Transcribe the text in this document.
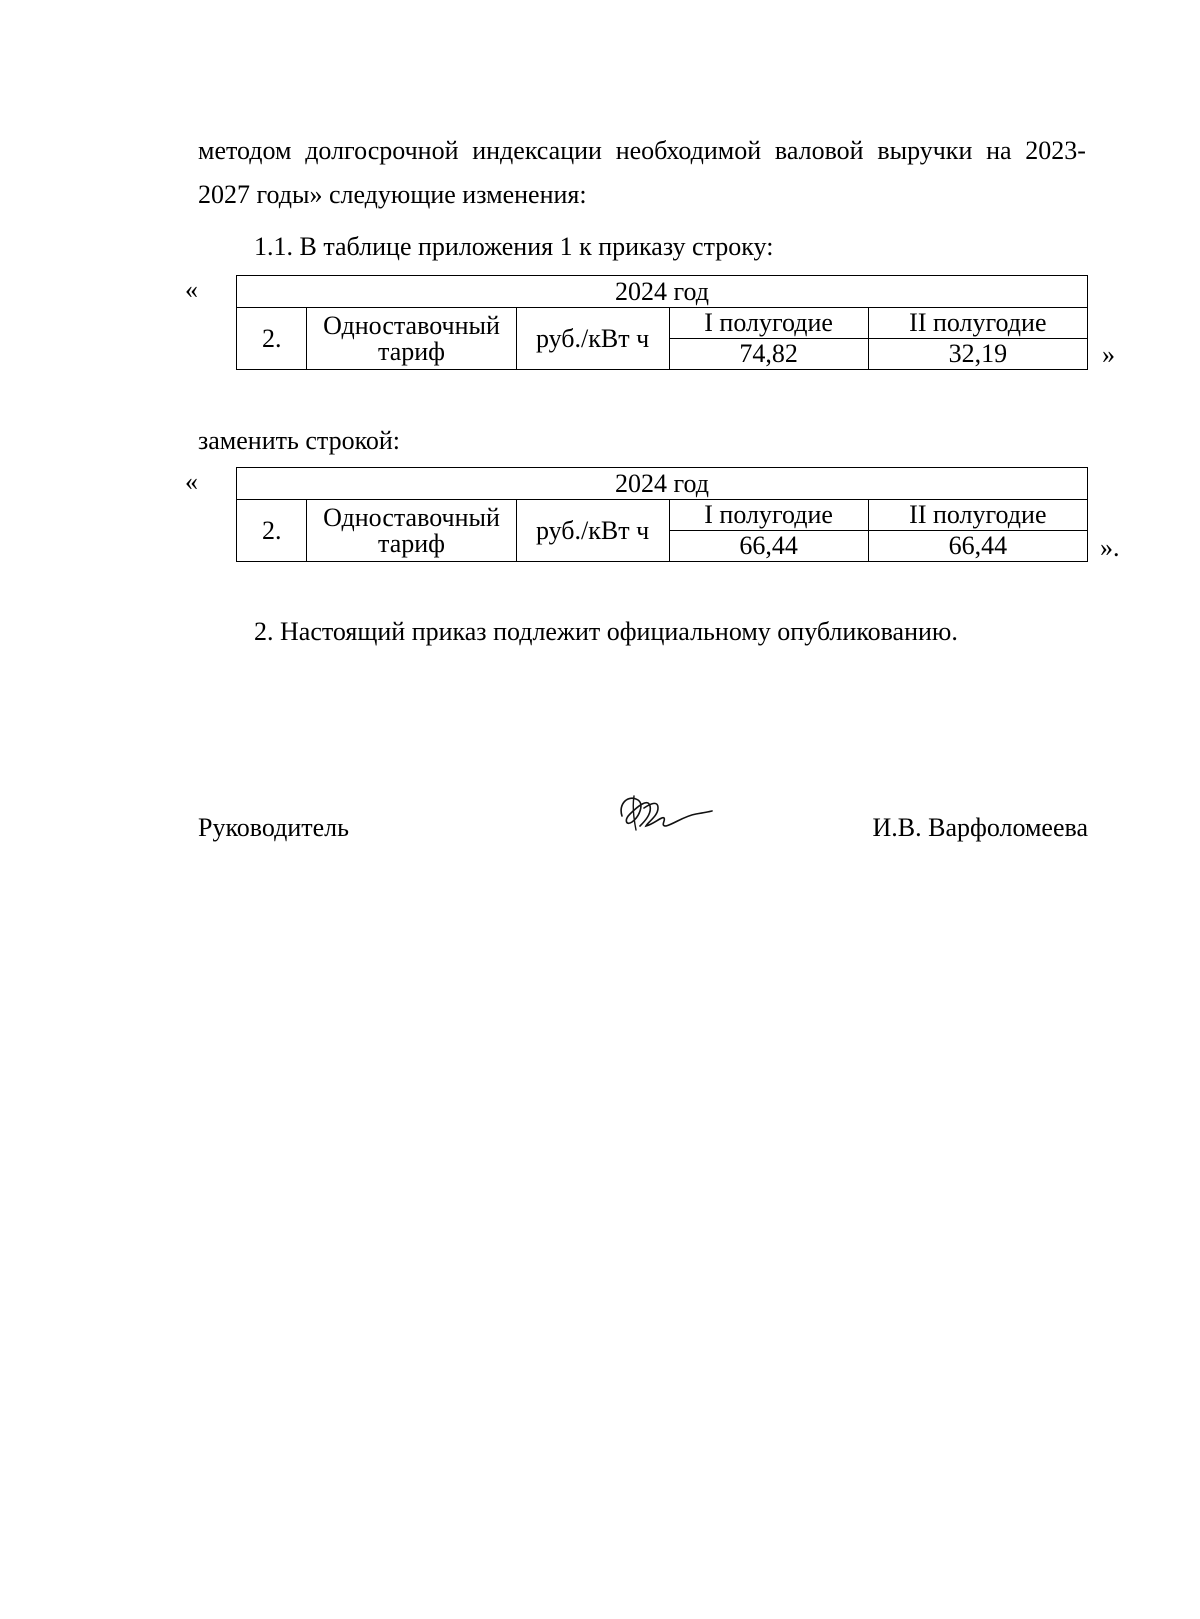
методом долгосрочной индексации необходимой валовой выручки на 2023-
2027 годы» следующие изменения:
1.1. В таблице приложения 1 к приказу строку:
«	2024 год				
2.	Одноставочный тариф	руб./кВт ч	I полугодие	II полугодие
			74,82	32,19	»
заменить строкой:
«	2024 год				
2.	Одноставочный тариф	руб./кВт ч	I полугодие	II полугодие
			66,44	66,44	».
2. Настоящий приказ подлежит официальному опубликованию.
Руководитель	И.В. Варфоломеева
